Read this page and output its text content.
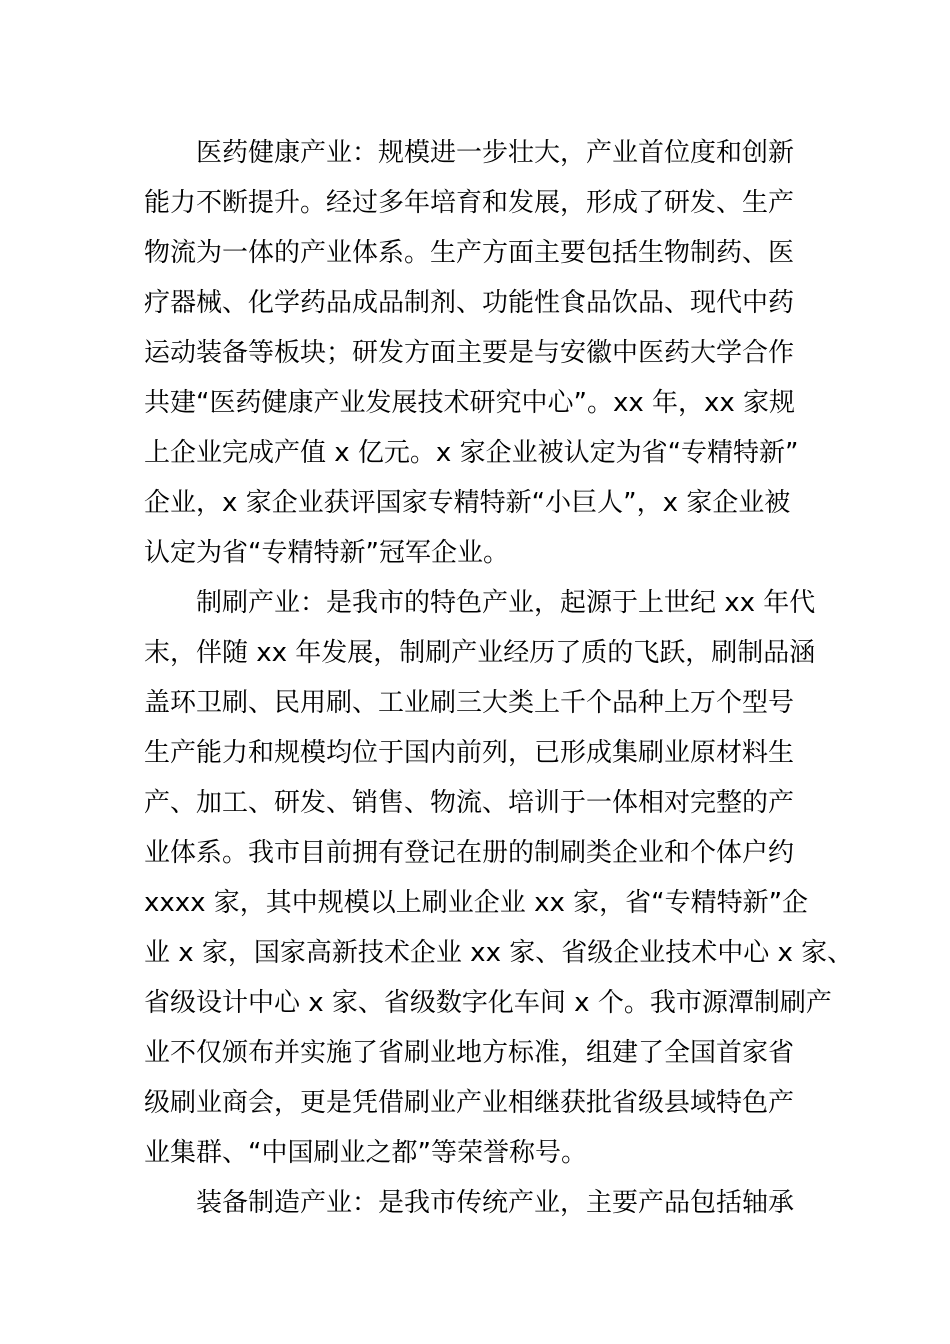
医药健康产业：规模进一步壮大，产业首位度和创新
能力不断提升。经过多年培育和发展，形成了研发、生产
物流为一体的产业体系。生产方面主要包括生物制药、医
疗器械、化学药品成品制剂、功能性食品饮品、现代中药
运动装备等板块；研发方面主要是与安徽中医药大学合作
共建“医药健康产业发展技术研究中心”。xx 年，xx 家规
上企业完成产值 x 亿元。x 家企业被认定为省“专精特新”
企业，x 家企业获评国家专精特新“小巨人”，x 家企业被
认定为省“专精特新”冠军企业。
制刷产业：是我市的特色产业，起源于上世纪 xx 年代
末，伴随 xx 年发展，制刷产业经历了质的飞跃，刷制品涵
盖环卫刷、民用刷、工业刷三大类上千个品种上万个型号
生产能力和规模均位于国内前列，已形成集刷业原材料生
产、加工、研发、销售、物流、培训于一体相对完整的产
业体系。我市目前拥有登记在册的制刷类企业和个体户约
xxxx 家，其中规模以上刷业企业 xx 家，省“专精特新”企
业 x 家，国家高新技术企业 xx 家、省级企业技术中心 x 家、
省级设计中心 x 家、省级数字化车间 x 个。我市源潭制刷产
业不仅颁布并实施了省刷业地方标准，组建了全国首家省
级刷业商会，更是凭借刷业产业相继获批省级县域特色产
业集群、“中国刷业之都”等荣誉称号。
装备制造产业：是我市传统产业，主要产品包括轴承
